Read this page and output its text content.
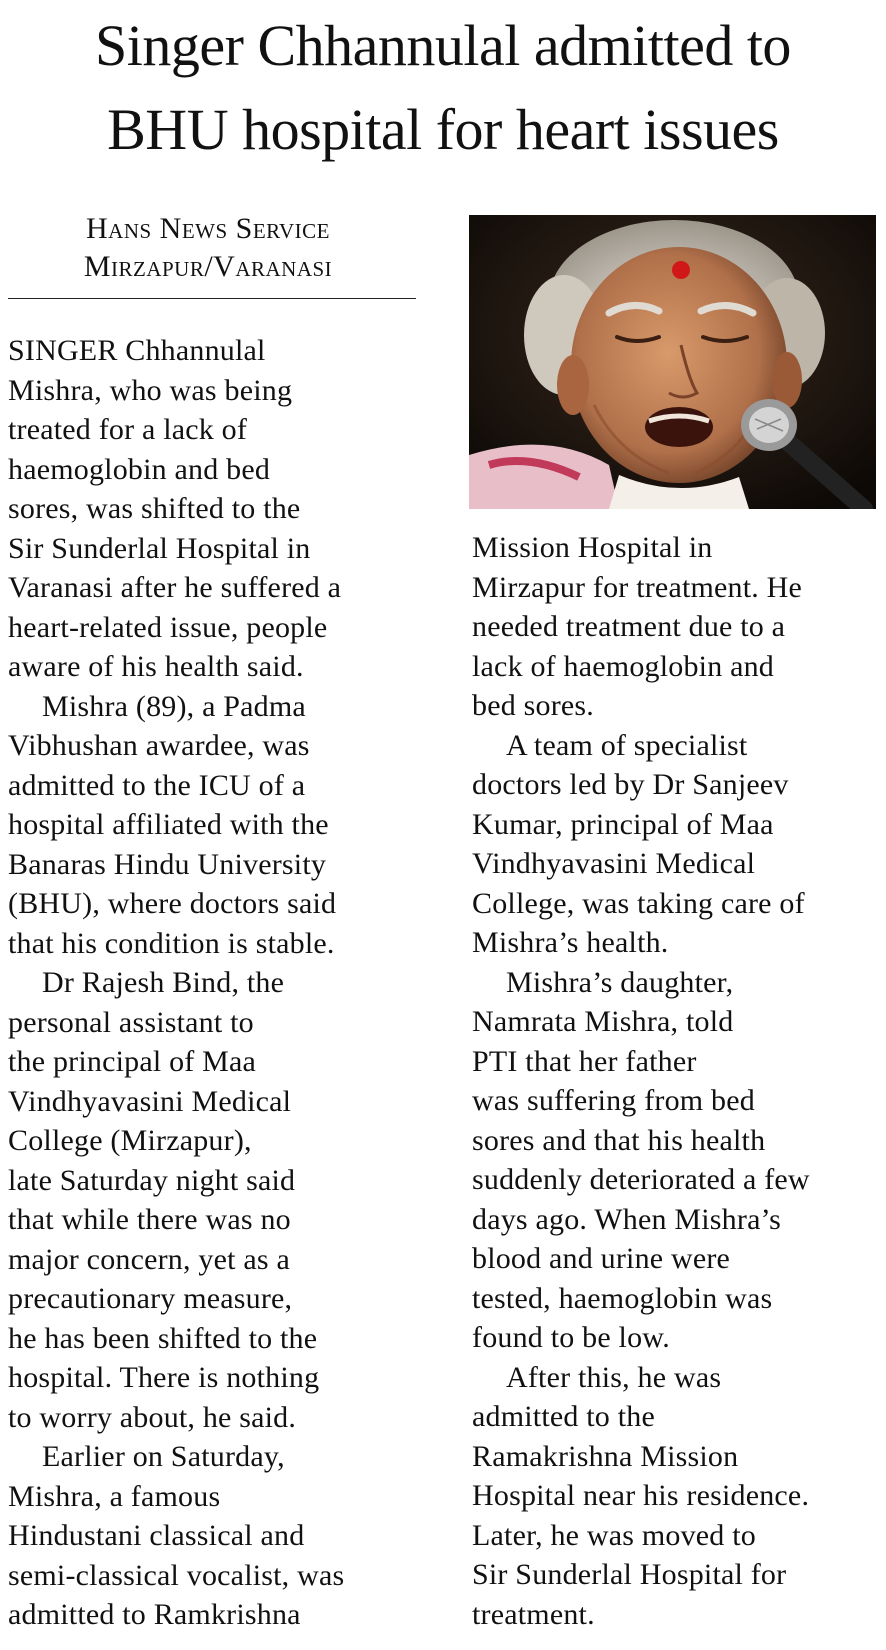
Singer Chhannulal admitted to
BHU hospital for heart issues
Hans News Service
Mirzapur/Varanasi
SINGER Chhannulal
Mishra, who was being
treated for a lack of
haemoglobin and bed
sores, was shifted to the
Sir Sunderlal Hospital in
Varanasi after he suffered a
heart-related issue, people
aware of his health said.
Mishra (89), a Padma
Vibhushan awardee, was
admitted to the ICU of a
hospital affiliated with the
Banaras Hindu University
(BHU), where doctors said
that his condition is stable.
Dr Rajesh Bind, the
personal assistant to
the principal of Maa
Vindhyavasini Medical
College (Mirzapur),
late Saturday night said
that while there was no
major concern, yet as a
precautionary measure,
he has been shifted to the
hospital. There is nothing
to worry about, he said.
Earlier on Saturday,
Mishra, a famous
Hindustani classical and
semi-classical vocalist, was
admitted to Ramkrishna
Mission Hospital in
Mirzapur for treatment. He
needed treatment due to a
lack of haemoglobin and
bed sores.
A team of specialist
doctors led by Dr Sanjeev
Kumar, principal of Maa
Vindhyavasini Medical
College, was taking care of
Mishra’s health.
Mishra’s daughter,
Namrata Mishra, told
PTI that her father
was suffering from bed
sores and that his health
suddenly deteriorated a few
days ago. When Mishra’s
blood and urine were
tested, haemoglobin was
found to be low.
After this, he was
admitted to the
Ramakrishna Mission
Hospital near his residence.
Later, he was moved to
Sir Sunderlal Hospital for
treatment.
